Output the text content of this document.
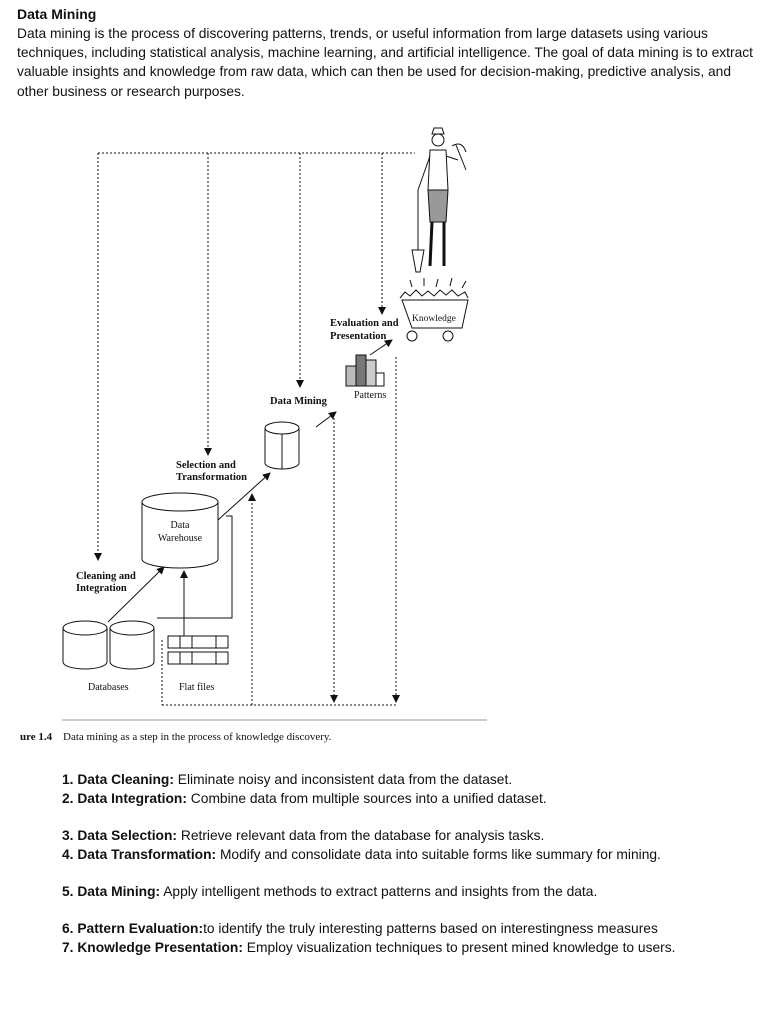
Data Mining

Data mining is the process of discovering patterns, trends, or useful information from large datasets using various techniques, including statistical analysis, machine learning, and artificial intelligence. The goal of data mining is to extract valuable insights and knowledge from raw data, which can then be used for decision-making, predictive analysis, and other business or research purposes.

Cleaning and
Integration
Selection and
Transformation
Data Mining
Evaluation and
Presentation
Data
Warehouse
Patterns
Knowledge
Databases	Flat files
ure 1.4 Data mining as a step in the process of knowledge discovery.
1. Data Cleaning: Eliminate noisy and inconsistent data from the dataset.
2. Data Integration: Combine data from multiple sources into a unified dataset.
3. Data Selection: Retrieve relevant data from the database for analysis tasks.
4. Data Transformation: Modify and consolidate data into suitable forms like summary for mining.
5. Data Mining: Apply intelligent methods to extract patterns and insights from the data.
6. Pattern Evaluation:to identify the truly interesting patterns based on interestingness measures
7. Knowledge Presentation: Employ visualization techniques to present mined knowledge to users.
